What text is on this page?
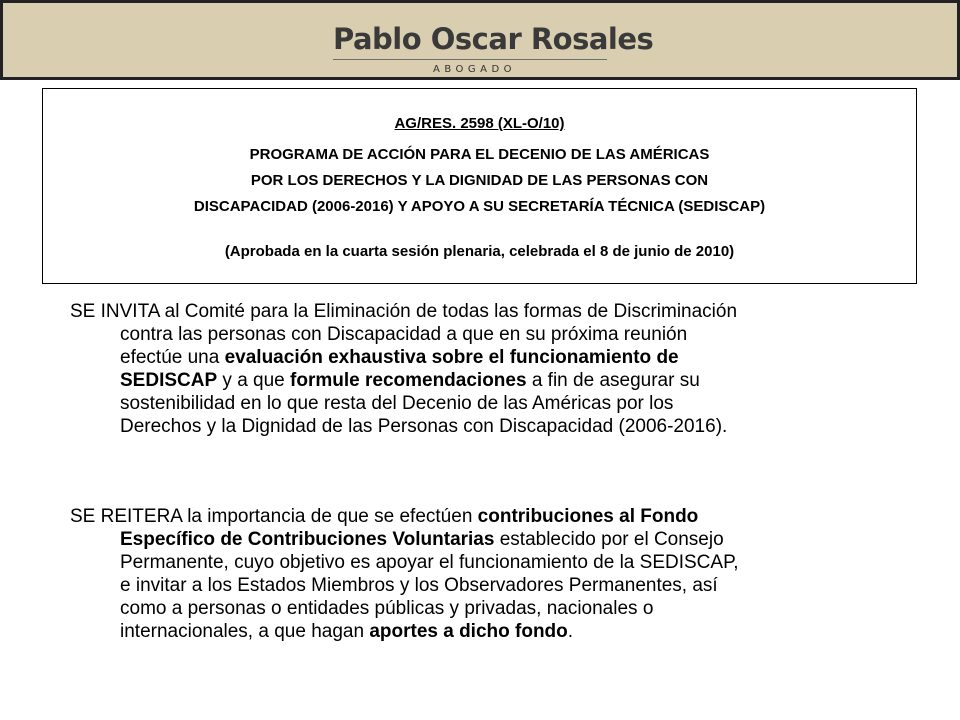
Pablo Oscar Rosales
ABOGADO
AG/RES. 2598 (XL-O/10)
PROGRAMA DE ACCIÓN PARA EL DECENIO DE LAS AMÉRICAS
POR LOS DERECHOS Y LA DIGNIDAD DE LAS PERSONAS CON
DISCAPACIDAD (2006-2016) Y APOYO A SU SECRETARÍA TÉCNICA (SEDISCAP)
(Aprobada en la cuarta sesión plenaria, celebrada el 8 de junio de 2010)
SE INVITA al Comité para la Eliminación de todas las formas de Discriminación
contra las personas con Discapacidad a que en su próxima reunión
efectúe una evaluación exhaustiva sobre el funcionamiento de
SEDISCAP y a que formule recomendaciones a fin de asegurar su
sostenibilidad en lo que resta del Decenio de las Américas por los
Derechos y la Dignidad de las Personas con Discapacidad (2006-2016).
SE REITERA la importancia de que se efectúen contribuciones al Fondo
Específico de Contribuciones Voluntarias establecido por el Consejo
Permanente, cuyo objetivo es apoyar el funcionamiento de la SEDISCAP,
e invitar a los Estados Miembros y los Observadores Permanentes, así
como a personas o entidades públicas y privadas, nacionales o
internacionales, a que hagan aportes a dicho fondo.
